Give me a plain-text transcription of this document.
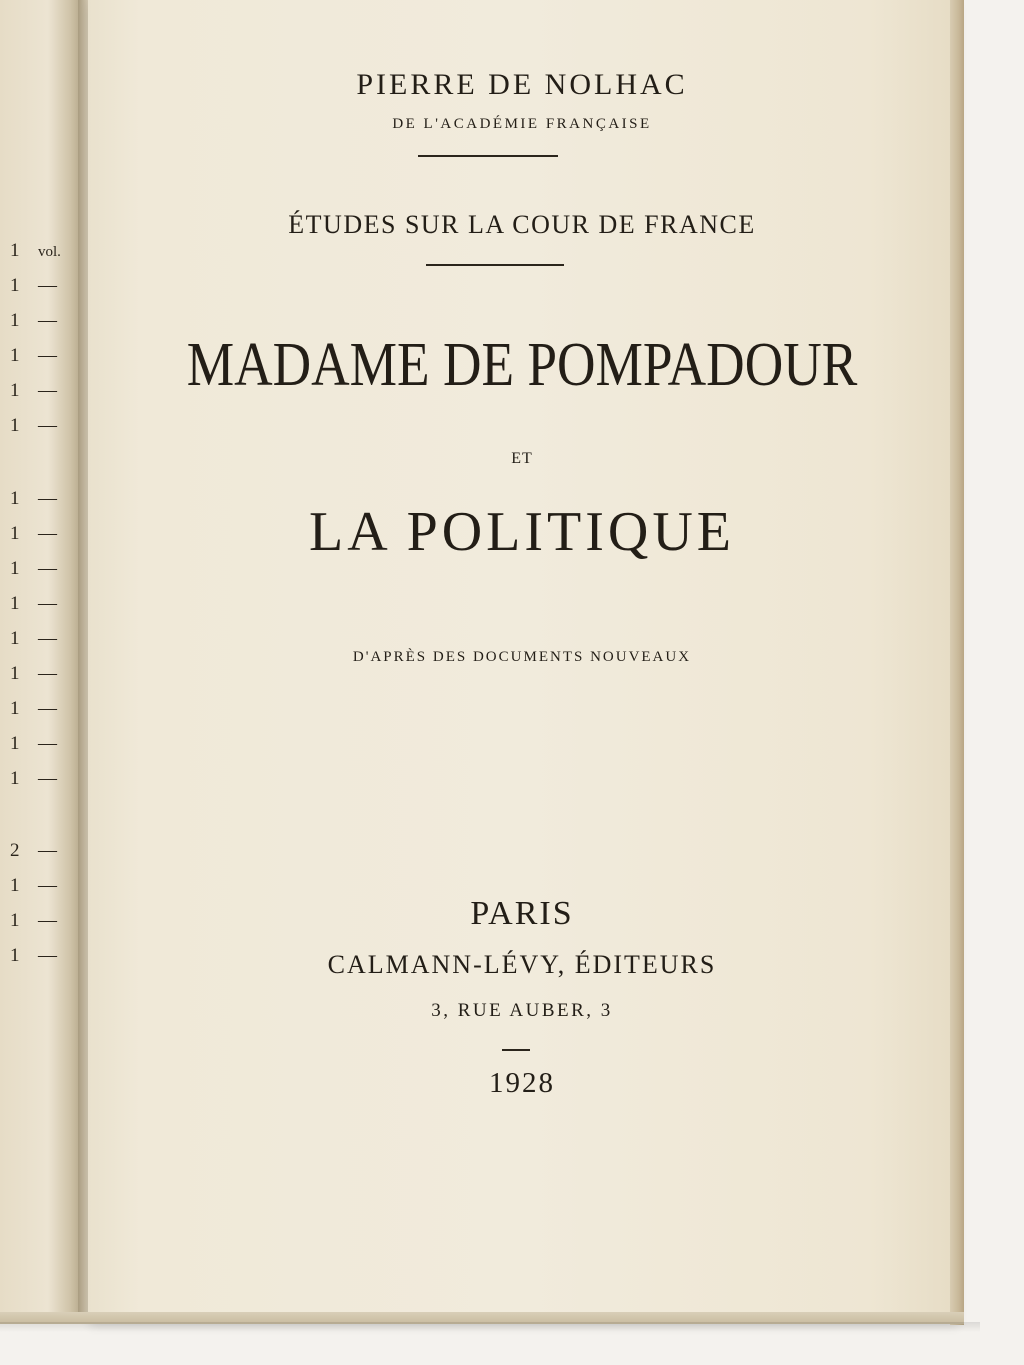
1 vol.
1 —
1 —
1 —
1 —
1 —
1 —
1 —
1 —
1 —
1 —
1 —
1 —
1 —
1 —
2 —
1 —
1 —
1 —
PIERRE DE NOLHAC
DE L'ACADÉMIE FRANÇAISE
ÉTUDES SUR LA COUR DE FRANCE
MADAME DE POMPADOUR
ET
LA POLITIQUE
D'APRÈS DES DOCUMENTS NOUVEAUX
PARIS
CALMANN-LÉVY, ÉDITEURS
3, RUE AUBER, 3
1928
